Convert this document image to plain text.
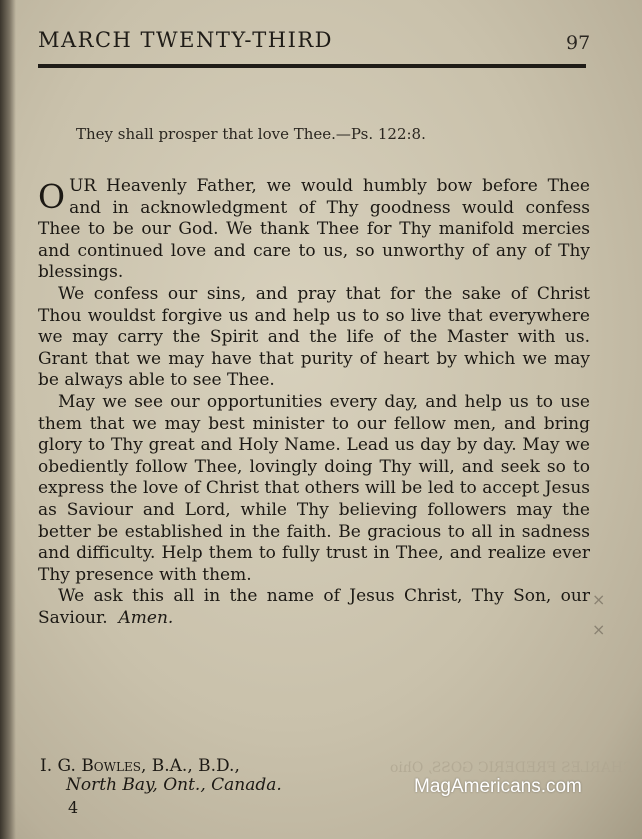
MARCH TWENTY-THIRD	97
They shall prosper that love Thee.—Ps. 122:8.

OUR Heavenly Father, we would humbly bow before Thee and in acknowledgment of Thy goodness would confess Thee to be our God. We thank Thee for Thy manifold mercies and continued love and care to us, so unworthy of any of Thy blessings.

We confess our sins, and pray that for the sake of Christ Thou wouldst forgive us and help us to so live that everywhere we may carry the Spirit and the life of the Master with us. Grant that we may have that purity of heart by which we may be always able to see Thee.

May we see our opportunities every day, and help us to use them that we may best minister to our fellow men, and bring glory to Thy great and Holy Name. Lead us day by day. May we obediently follow Thee, lovingly doing Thy will, and seek so to express the love of Christ that others will be led to accept Jesus as Saviour and Lord, while Thy believing followers may the better be established in the faith. Be gracious to all in sadness and difficulty. Help them to fully trust in Thee, and realize ever Thy presence with them.

We ask this all in the name of Jesus Christ, Thy Son, our Saviour. Amen.

CHARLES FREDERIC GOSS, Ohio
I. G. Bowles, B.A., B.D.,
North Bay, Ont., Canada.
4
×
×
MagAmericans.com
